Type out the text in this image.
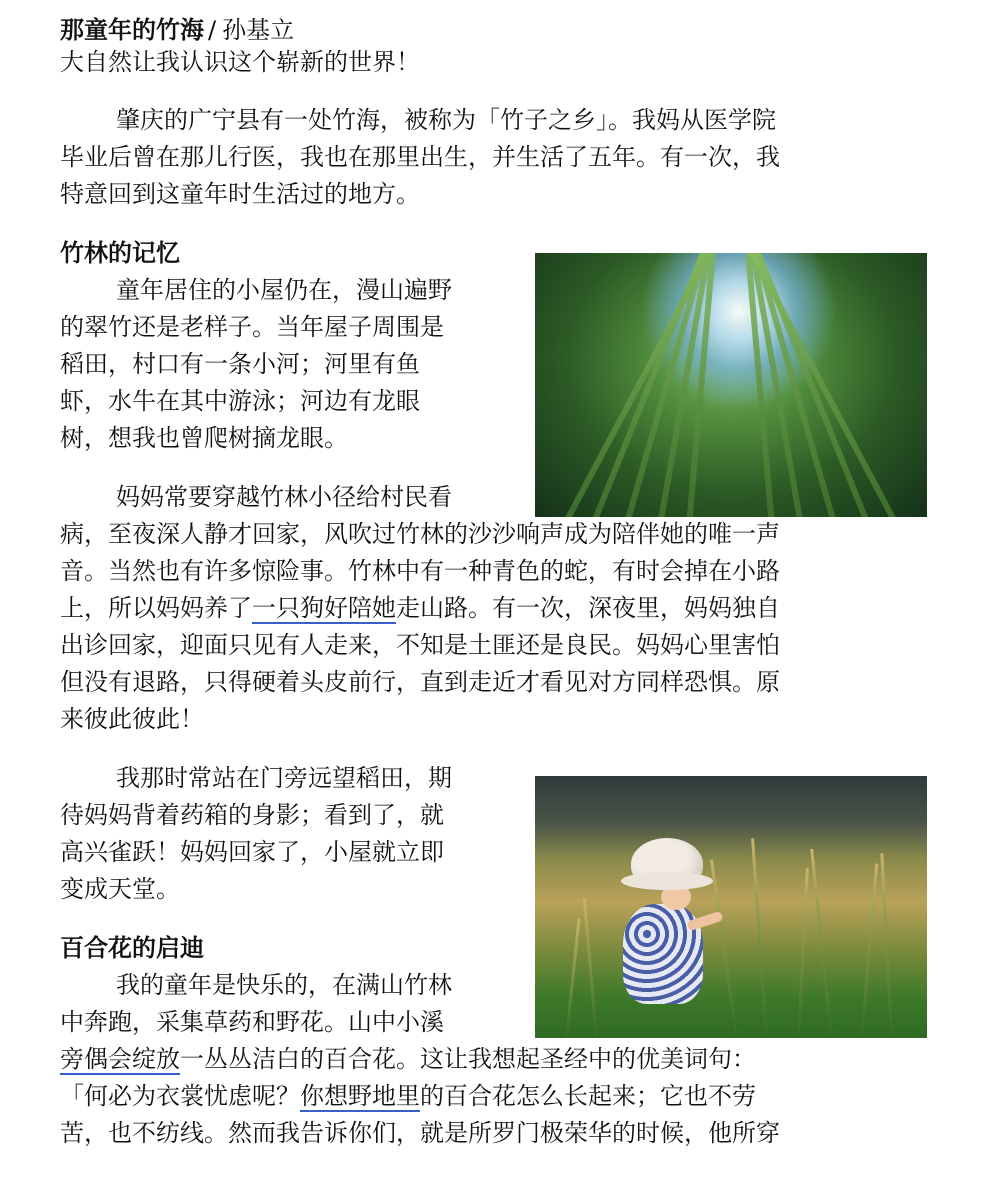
那童年的竹海 / 孙基立
大自然让我认识这个崭新的世界！

肇庆的广宁县有一处竹海，被称为「竹子之乡」。我妈从医学院

毕业后曾在那儿行医，我也在那里出生，并生活了五年。有一次，我

特意回到这童年时生活过的地方。

竹林的记忆

童年居住的小屋仍在，漫山遍野

的翠竹还是老样子。当年屋子周围是

稻田，村口有一条小河；河里有鱼

虾，水牛在其中游泳；河边有龙眼

树，想我也曾爬树摘龙眼。

妈妈常要穿越竹林小径给村民看

病，至夜深人静才回家，风吹过竹林的沙沙响声成为陪伴她的唯一声

音。当然也有许多惊险事。竹林中有一种青色的蛇，有时会掉在小路

上，所以妈妈养了一只狗好陪她走山路。有一次，深夜里，妈妈独自

出诊回家，迎面只见有人走来，不知是土匪还是良民。妈妈心里害怕

但没有退路，只得硬着头皮前行，直到走近才看见对方同样恐惧。原

来彼此彼此！

我那时常站在门旁远望稻田，期

待妈妈背着药箱的身影；看到了，就

高兴雀跃！妈妈回家了，小屋就立即

变成天堂。

百合花的启迪

我的童年是快乐的，在满山竹林

中奔跑，采集草药和野花。山中小溪

旁偶会绽放一丛丛洁白的百合花。这让我想起圣经中的优美词句：

「何必为衣裳忧虑呢？你想野地里的百合花怎么长起来；它也不劳

苦，也不纺线。然而我告诉你们，就是所罗门极荣华的时候，他所穿
